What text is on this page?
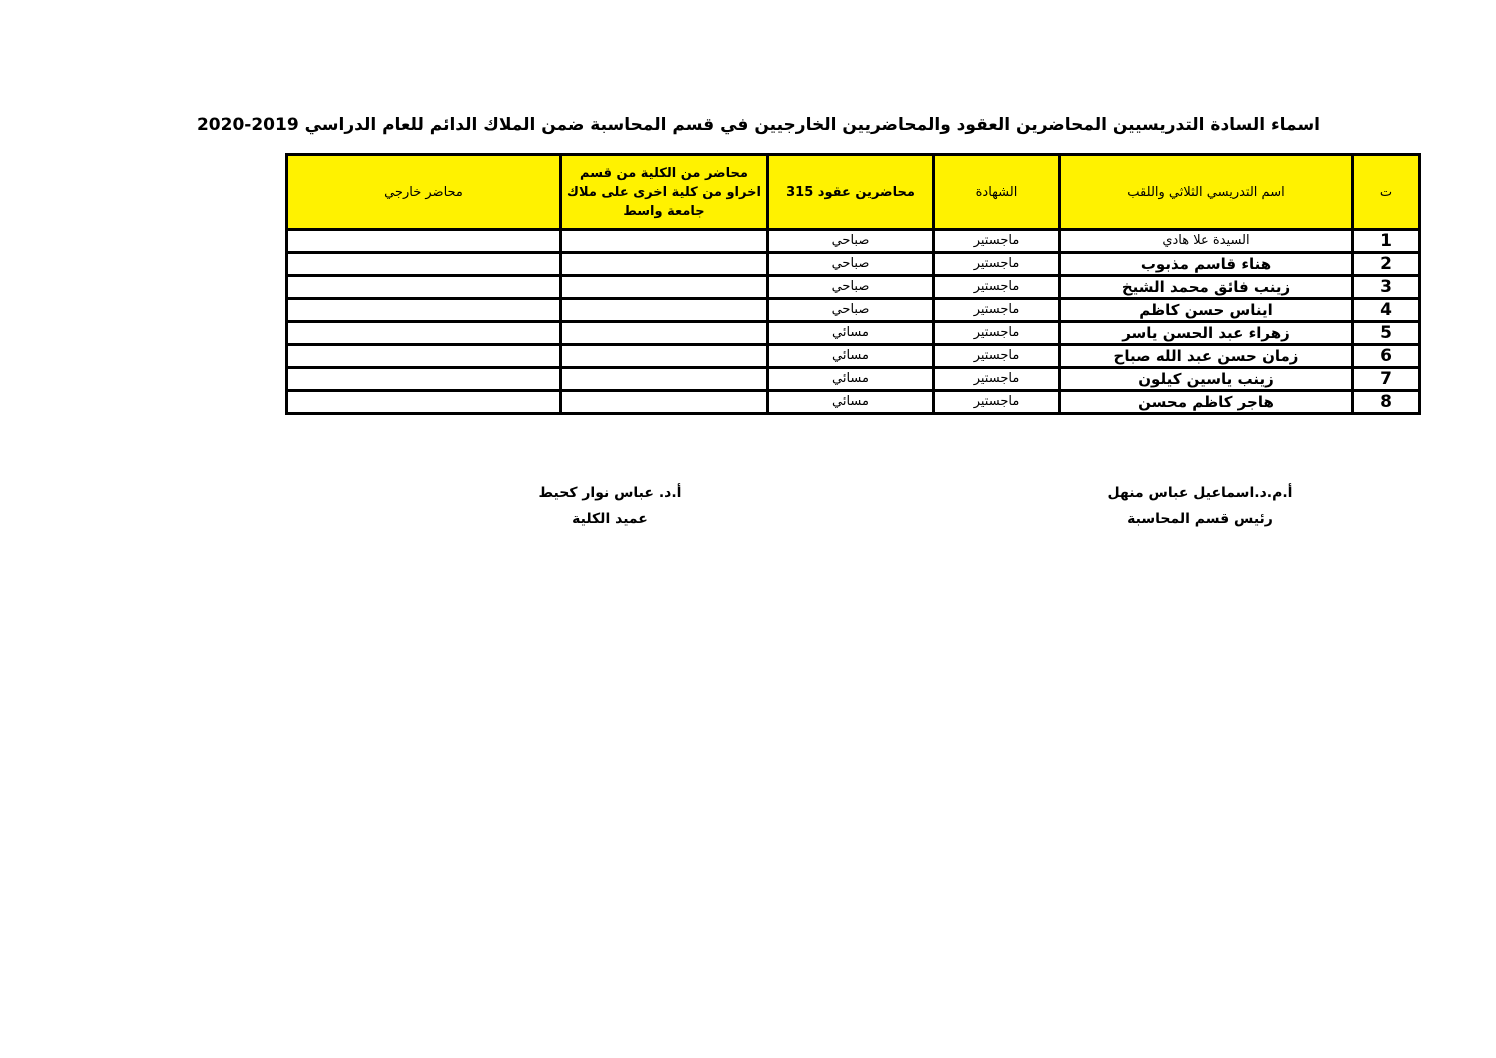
اسماء السادة التدريسيين المحاضرين العقود والمحاضريين الخارجيين في قسم المحاسبة ضمن الملاك الدائم للعام الدراسي 2019-2020
ت	اسم التدريسي الثلاثي واللقب	الشهادة	محاضرين عقود 315	محاضر من الكلية من قسم اخراو من كلية اخرى على ملاك جامعة واسط	محاضر خارجي
1	السيدة علا هادي	ماجستير	صباحي		
2	هناء قاسم مذبوب	ماجستير	صباحي		
3	زينب فائق محمد الشيخ	ماجستير	صباحي		
4	ايناس حسن كاظم	ماجستير	صباحي		
5	زهراء عبد الحسن ياسر	ماجستير	مسائي		
6	زمان حسن عبد الله صباح	ماجستير	مسائي		
7	زينب ياسين كيلون	ماجستير	مسائي		
8	هاجر كاظم محسن	ماجستير	مسائي		
أ.د. عباس نوار كحيط
عميد الكلية
أ.م.د.اسماعيل عباس منهل
رئيس قسم المحاسبة
